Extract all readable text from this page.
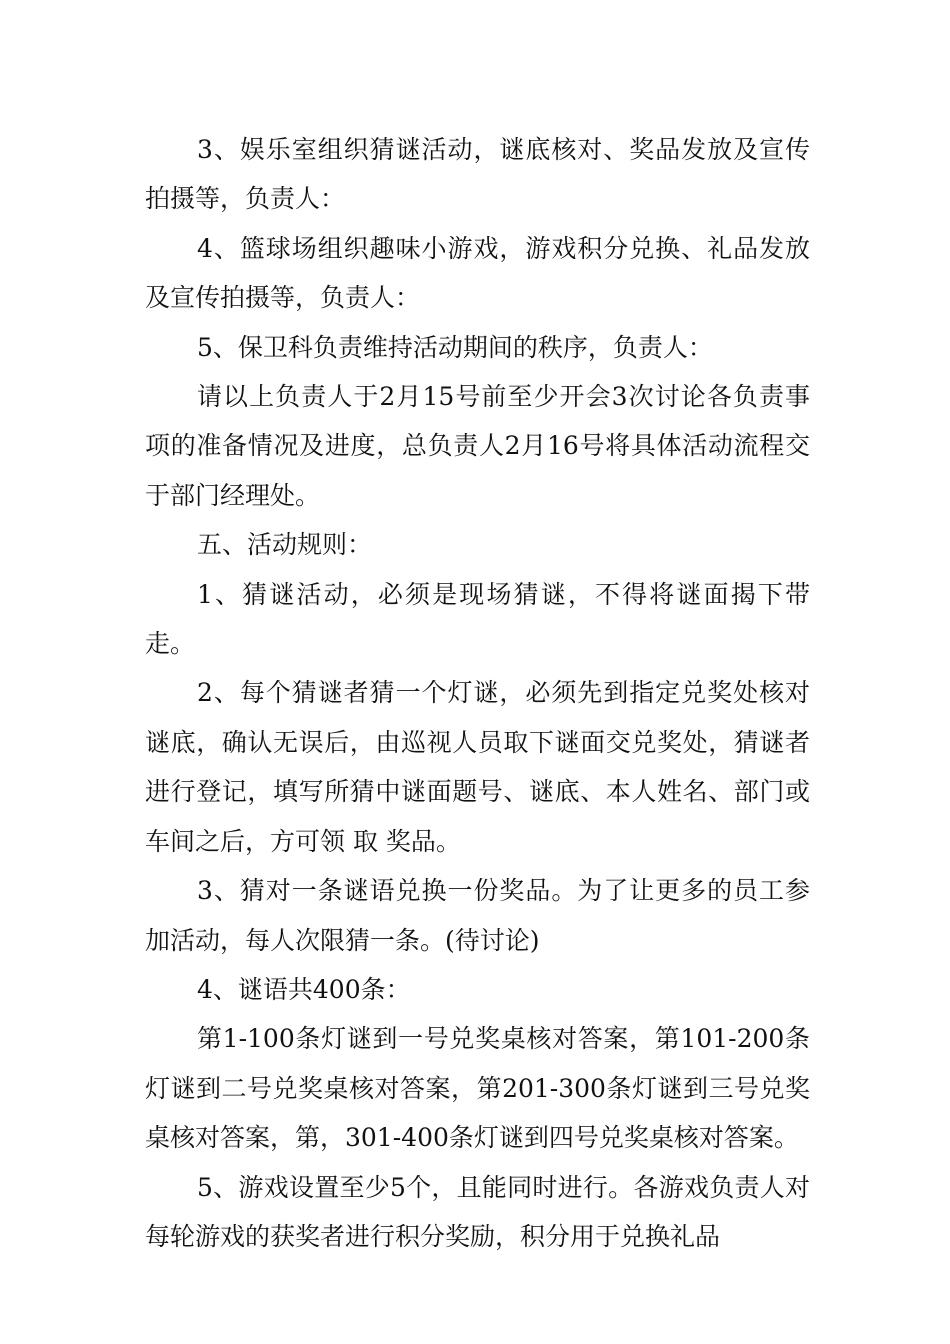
3、娱乐室组织猜谜活动，谜底核对、奖品发放及宣传拍摄等，负责人：

4、篮球场组织趣味小游戏，游戏积分兑换、礼品发放及宣传拍摄等，负责人：

5、保卫科负责维持活动期间的秩序，负责人：

请以上负责人于2月15号前至少开会3次讨论各负责事项的准备情况及进度，总负责人2月16号将具体活动流程交于部门经理处。

五、活动规则：

1、猜谜活动，必须是现场猜谜，不得将谜面揭下带走。

2、每个猜谜者猜一个灯谜，必须先到指定兑奖处核对谜底，确认无误后，由巡视人员取下谜面交兑奖处，猜谜者进行登记，填写所猜中谜面题号、谜底、本人姓名、部门或车间之后，方可领 取 奖品。

3、猜对一条谜语兑换一份奖品。为了让更多的员工参加活动，每人次限猜一条。(待讨论)

4、谜语共400条：

第1-100条灯谜到一号兑奖桌核对答案，第101-200条灯谜到二号兑奖桌核对答案，第201-300条灯谜到三号兑奖桌核对答案，第，301-400条灯谜到四号兑奖桌核对答案。

5、游戏设置至少5个，且能同时进行。各游戏负责人对每轮游戏的获奖者进行积分奖励，积分用于兑换礼品
